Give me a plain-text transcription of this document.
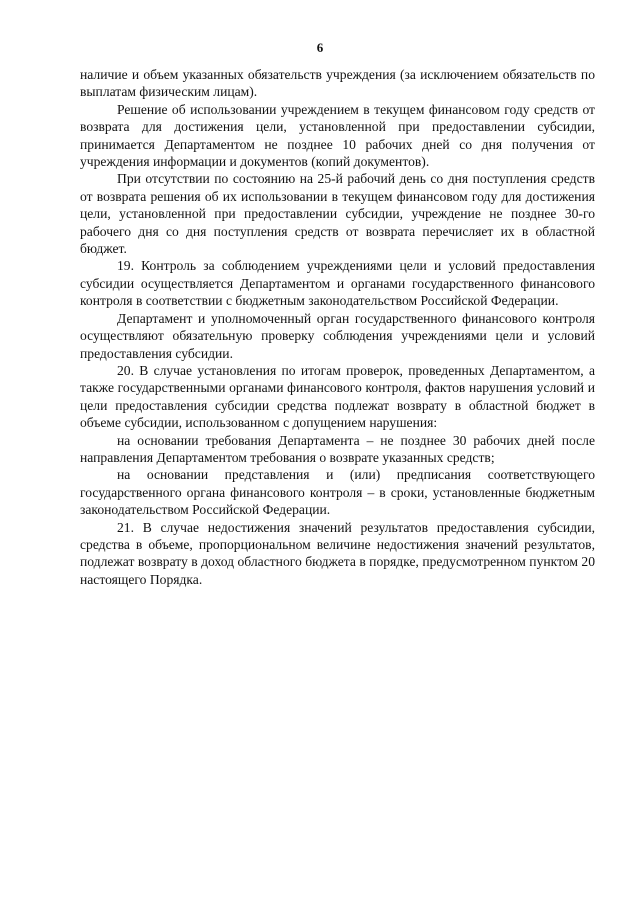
6

наличие и объем указанных обязательств учреждения (за исключением обязательств по выплатам физическим лицам).

Решение об использовании учреждением в текущем финансовом году средств от возврата для достижения цели, установленной при предоставлении субсидии, принимается Департаментом не позднее 10 рабочих дней со дня получения от учреждения информации и документов (копий документов).

При отсутствии по состоянию на 25-й рабочий день со дня поступления средств от возврата решения об их использовании в текущем финансовом году для достижения цели, установленной при предоставлении субсидии, учреждение не позднее 30-го рабочего дня со дня поступления средств от возврата перечисляет их в областной бюджет.

19. Контроль за соблюдением учреждениями цели и условий предоставления субсидии осуществляется Департаментом и органами государственного финансового контроля в соответствии с бюджетным законодательством Российской Федерации.

Департамент и уполномоченный орган государственного финансового контроля осуществляют обязательную проверку соблюдения учреждениями цели и условий предоставления субсидии.

20. В случае установления по итогам проверок, проведенных Департаментом, а также государственными органами финансового контроля, фактов нарушения условий и цели предоставления субсидии средства подлежат возврату в областной бюджет в объеме субсидии, использованном с допущением нарушения:

на основании требования Департамента – не позднее 30 рабочих дней после направления Департаментом требования о возврате указанных средств;

на основании представления и (или) предписания соответствующего государственного органа финансового контроля – в сроки, установленные бюджетным законодательством Российской Федерации.

21. В случае недостижения значений результатов предоставления субсидии, средства в объеме, пропорциональном величине недостижения значений результатов, подлежат возврату в доход областного бюджета в порядке, предусмотренном пунктом 20 настоящего Порядка.
